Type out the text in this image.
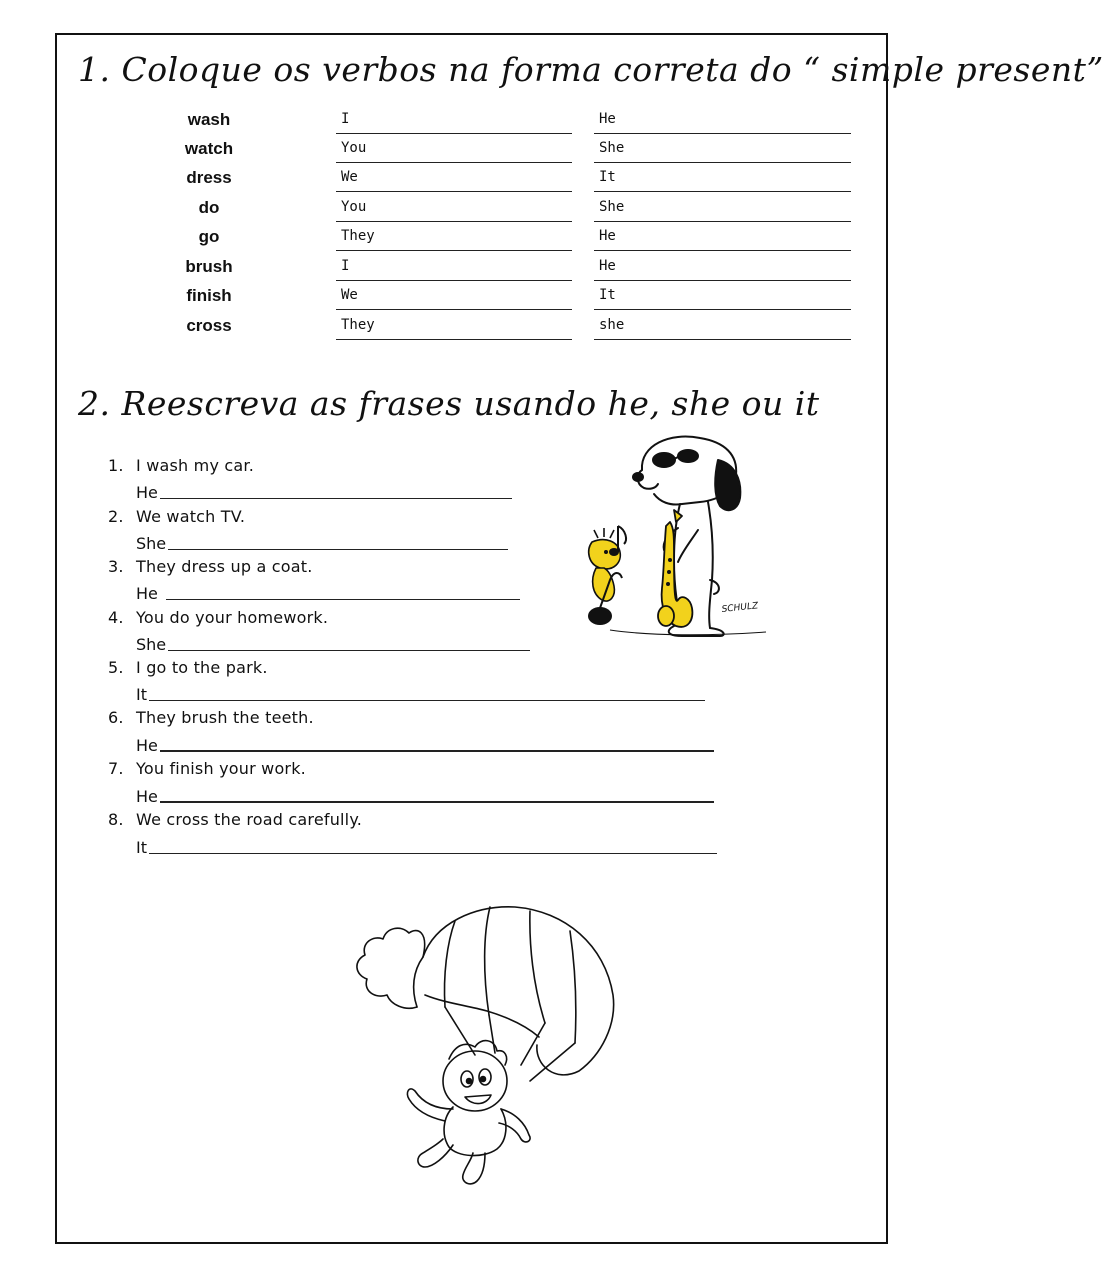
1. Coloque os verbos na forma correta do “ simple present”
wash	I	He
watch	You	She
dress	We	It
do	You	She
go	They	He
brush	I	He
finish	We	It
cross	They	she
2. Reescreva as frases usando he, she ou it
1. I wash my car.
He
2. We watch TV.
She
3. They dress up a coat.
He
4. You do your homework.
She
5. I go to the park.
It
6. They brush the teeth.
He
7. You finish your work.
He
8. We cross the road carefully.
It
SCHULZ
